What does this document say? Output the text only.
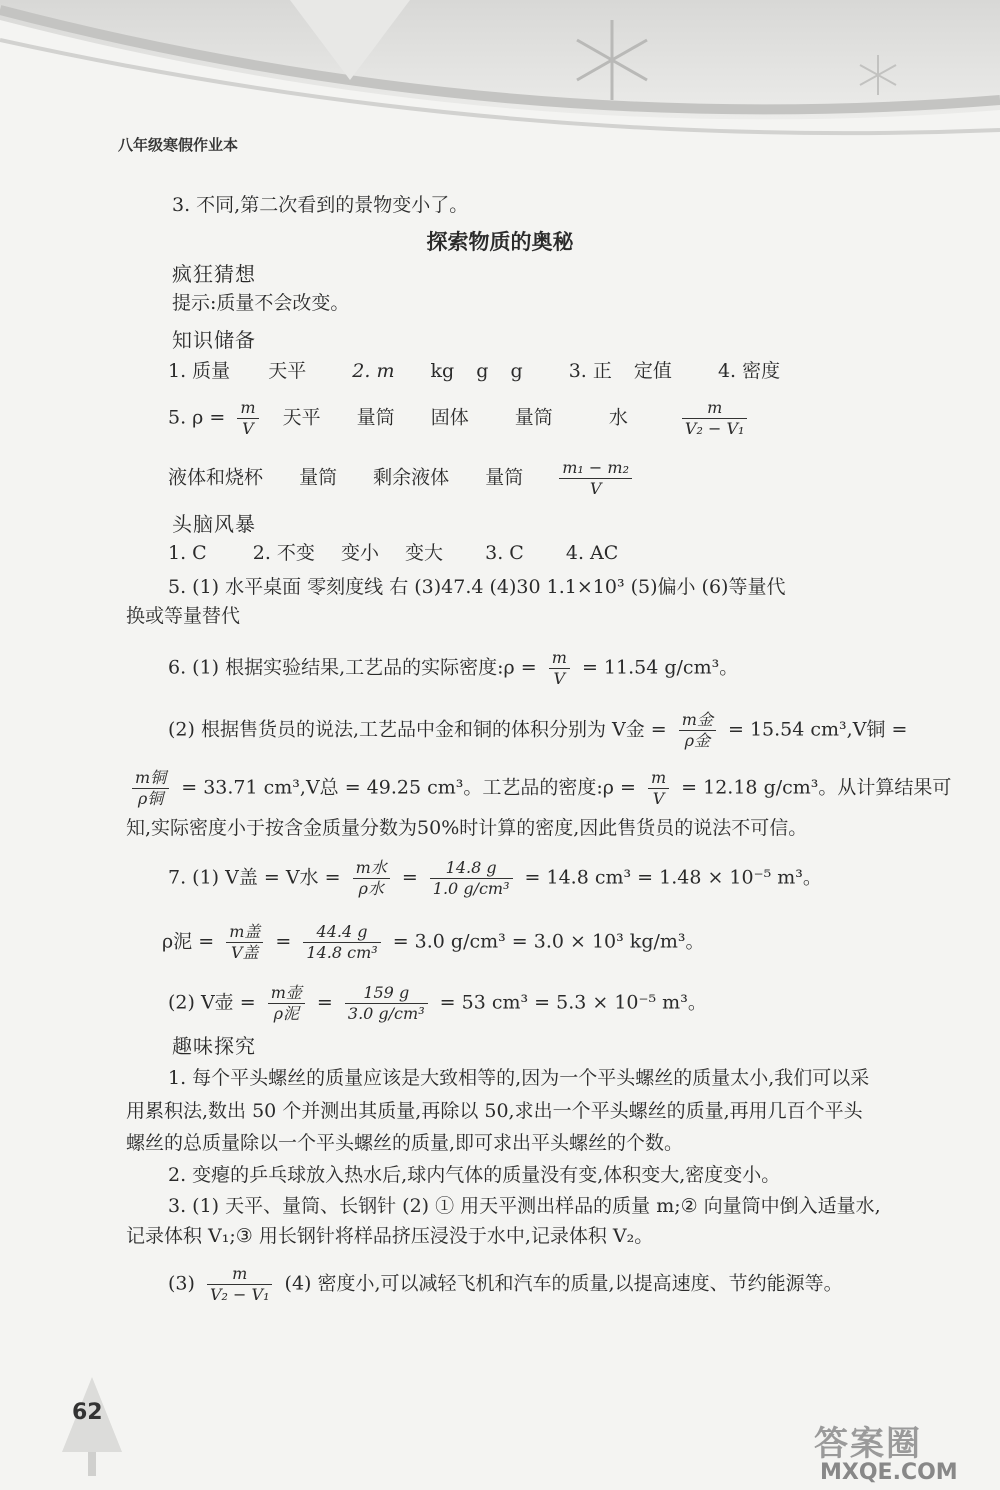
八年级寒假作业本
3. 不同,第二次看到的景物变小了。
探索物质的奥秘
疯狂猜想
提示:质量不会改变。
知识储备
1. 质量 天平 2. m kg g g 3. 正 定值 4. 密度
5. $\rho = \frac{m}{V}$ 天平 量筒 固体 量筒	水	$\frac{m}{\text{V₂ − V₁}}$
液体和烧杯 量筒 剩余液体 量筒 $\frac{\text{m₁ − m₂}}{V}$
头脑风暴
1. C 2. 不变 变小 变大 3. C 4. AC
5. (1) 水平桌面 零刻度线 右 (3)47.4 (4)30 1.1×10³ (5)偏小 (6)等量代
换或等量替代
6. (1) 根据实验结果,工艺品的实际密度:ρ = $\frac{m}{V} = 11.54$ g/cm³。
(2) 根据售货员的说法,工艺品中金和铜的体积分别为 V金 = $\frac{\text{m金}}{\text{ρ金}} = 15.54$ cm³,V铜 =
$\frac{\text{m铜}}{\text{ρ铜}} = 33.71$ cm³,V总 = 49.25 cm³。工艺品的密度:ρ = $\frac{m}{V} = 12.18$ g/cm³。从计算结果可
知,实际密度小于按含金质量分数为50%时计算的密度,因此售货员的说法不可信。
7. (1) V盖 = V水 = $\frac{\text{m水}}{\text{ρ水}} = \frac{14.8 g}{\text{1.0 g/cm³}} = 14.8$ cm³ = 1.48 × 10⁻⁵ m³。
ρ泥 = $\frac{\text{m盖}}{\text{V盖}} = \frac{44.4 g}{\text{14.8 cm³}} = 3.0$ g/cm³ = 3.0 × 10³ kg/m³。
(2) V壶 = $\frac{\text{m壶}}{\text{ρ泥}} = \frac{159 g}{\text{3.0 g/cm³}} = 53$ cm³ = 5.3 × 10⁻⁵ m³。
趣味探究
1. 每个平头螺丝的质量应该是大致相等的,因为一个平头螺丝的质量太小,我们可以采
用累积法,数出 50 个并测出其质量,再除以 50,求出一个平头螺丝的质量,再用几百个平头
螺丝的总质量除以一个平头螺丝的质量,即可求出平头螺丝的个数。
2. 变瘪的乒乓球放入热水后,球内气体的质量没有变,体积变大,密度变小。
3. (1) 天平、量筒、长钢针 (2) ① 用天平测出样品的质量 m;② 向量筒中倒入适量水,
记录体积 V₁;③ 用长钢针将样品挤压浸没于水中,记录体积 V₂。
$(3) \frac{m}{\text{V₂ − V₁}} (4)$ 密度小,可以减轻飞机和汽车的质量,以提高速度、节约能源等。
62
答案圈
MXQE.COM
